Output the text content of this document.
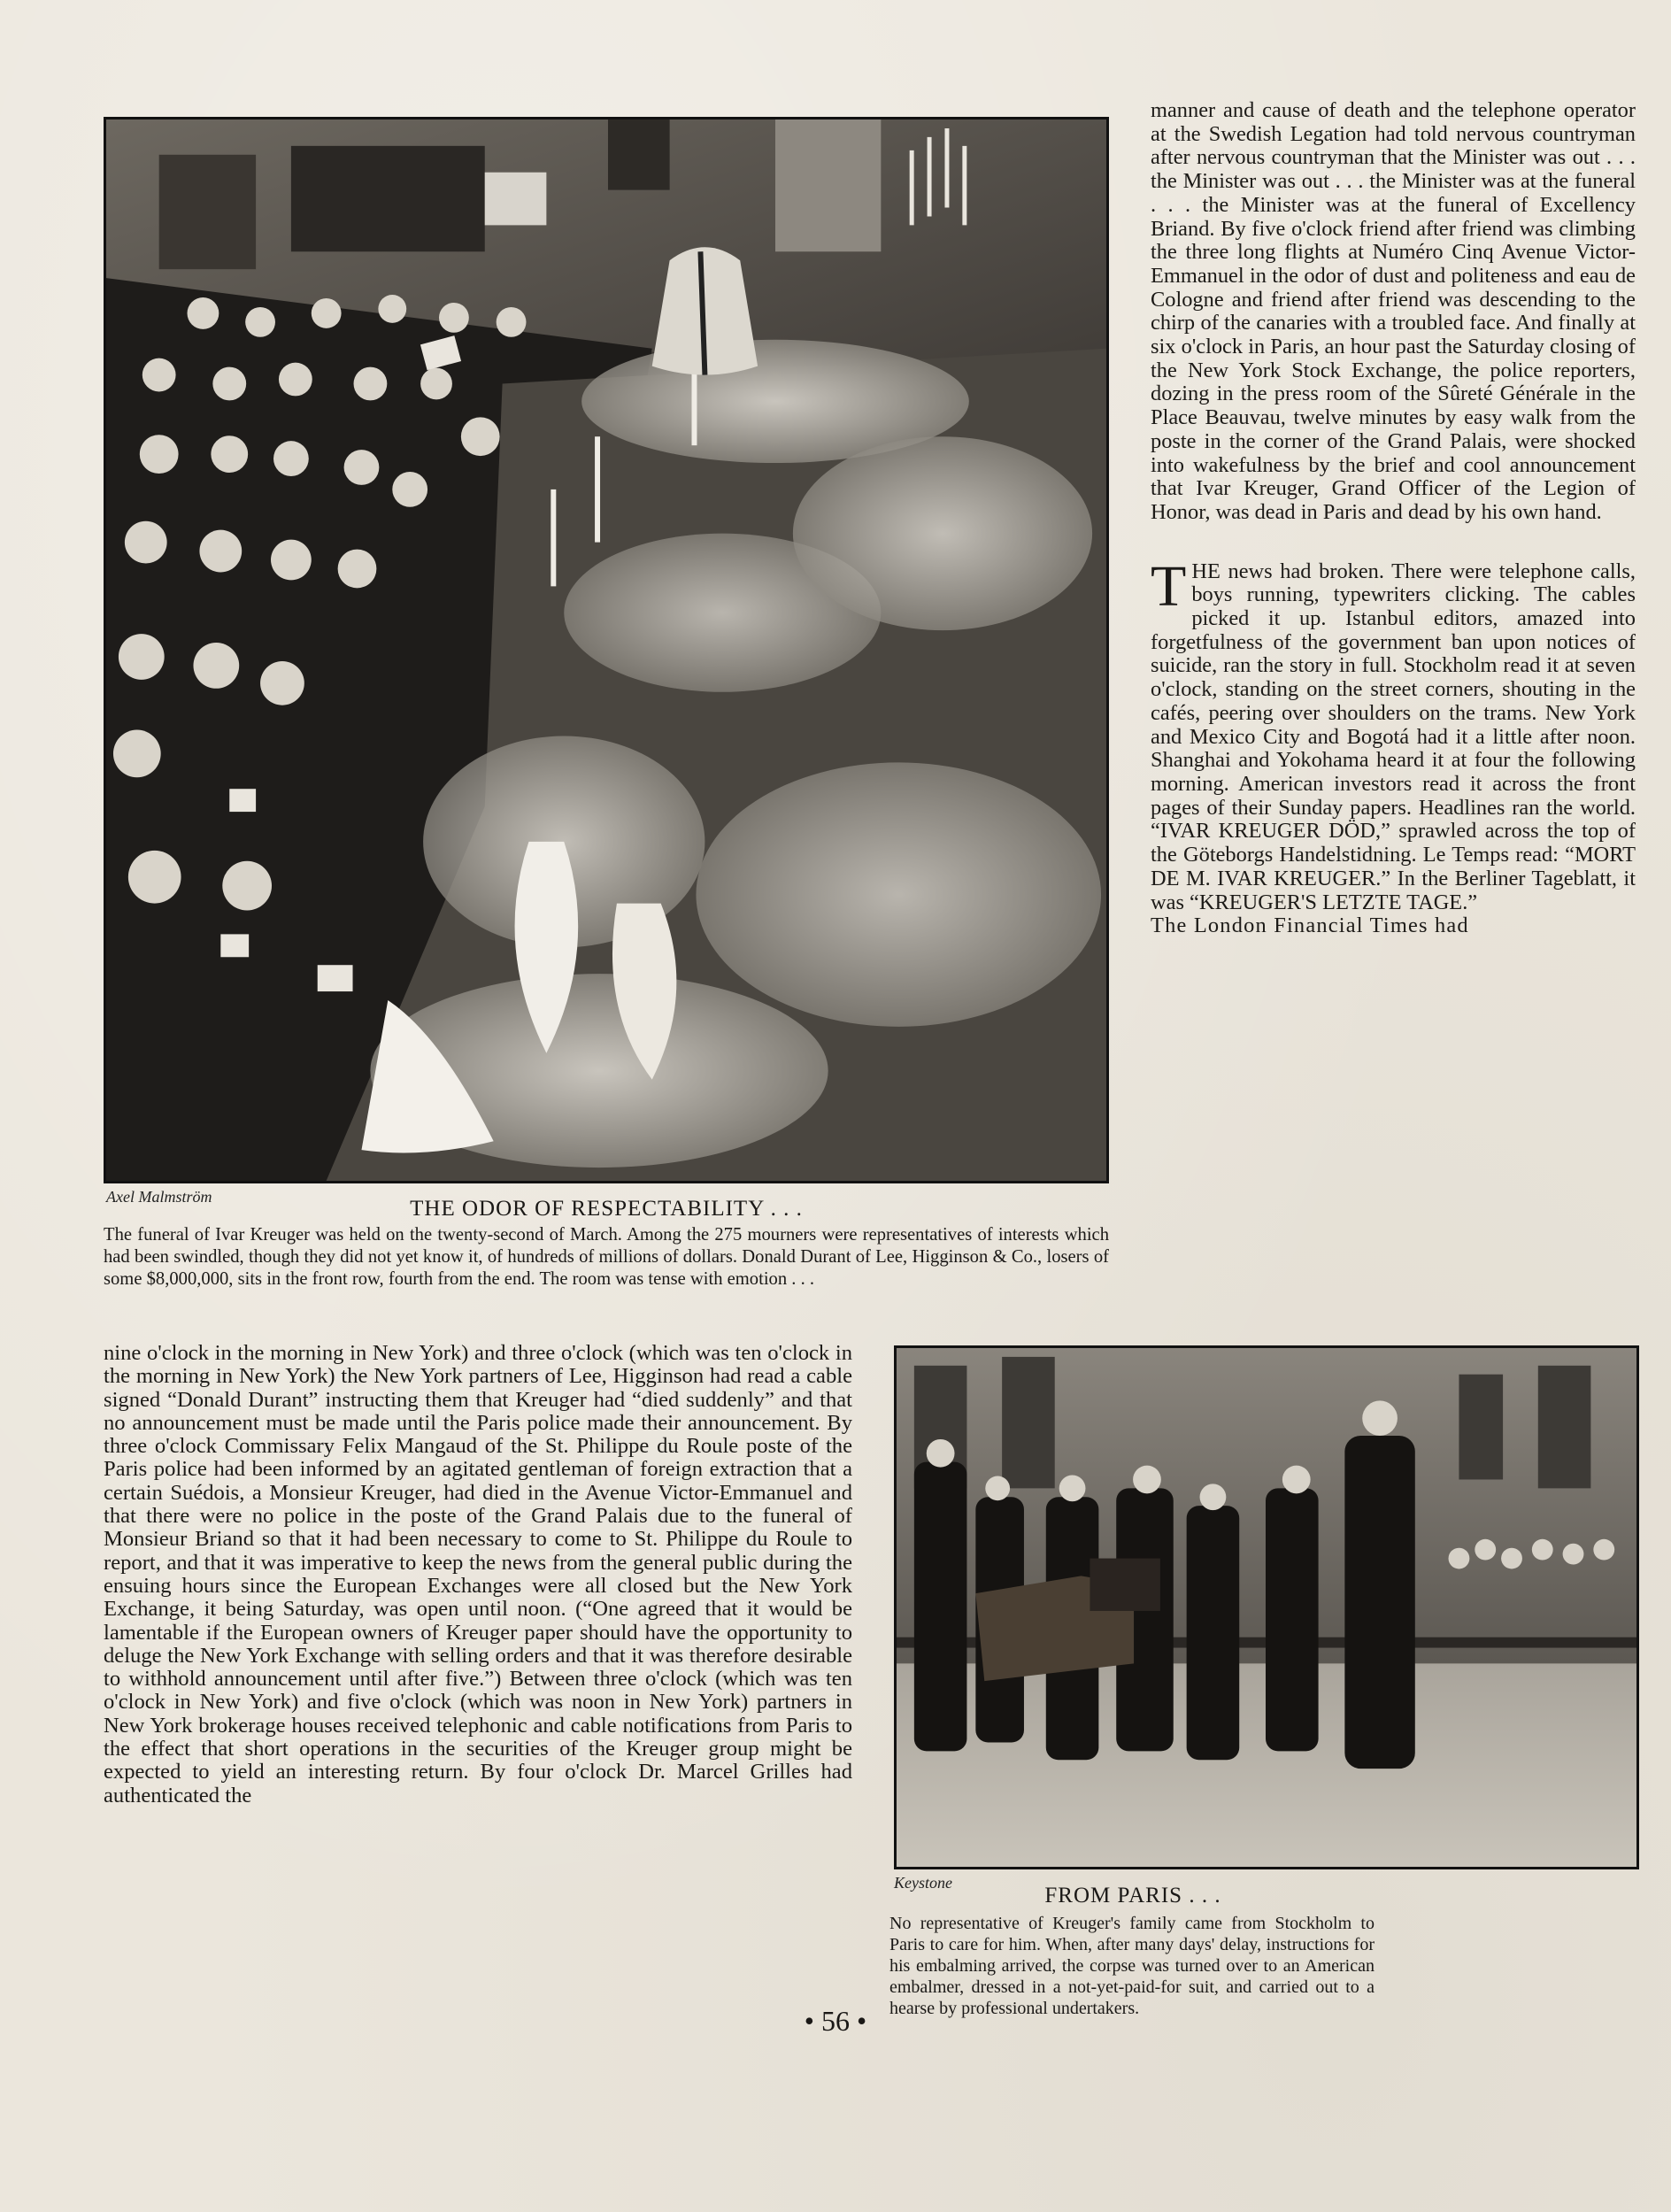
Axel Malmström	THE ODOR OF RESPECTABILITY . . .
The funeral of Ivar Kreuger was held on the twenty-second of March. Among the 275 mourners were representatives of interests which had been swindled, though they did not yet know it, of hundreds of millions of dollars. Donald Durant of Lee, Higginson & Co., losers of some $8,000,000, sits in the front row, fourth from the end. The room was tense with emotion . . .

manner and cause of death and the telephone operator at the Swedish Legation had told nervous countryman after nervous countryman that the Minister was out . . . the Minister was out . . . the Minister was at the funeral . . . the Minister was at the funeral of Excellency Briand. By five o'clock friend after friend was climbing the three long flights at Numéro Cinq Avenue Victor-Emmanuel in the odor of dust and politeness and eau de Cologne and friend after friend was descending to the chirp of the canaries with a troubled face. And finally at six o'clock in Paris, an hour past the Saturday closing of the New York Stock Exchange, the police reporters, dozing in the press room of the Sûreté Générale in the Place Beauvau, twelve minutes by easy walk from the poste in the corner of the Grand Palais, were shocked into wakefulness by the brief and cool announcement that Ivar Kreuger, Grand Officer of the Legion of Honor, was dead in Paris and dead by his own hand.

THE news had broken. There were telephone calls, boys running, typewriters clicking. The cables picked it up. Istanbul editors, amazed into forgetfulness of the government ban upon notices of suicide, ran the story in full. Stockholm read it at seven o'clock, standing on the street corners, shouting in the cafés, peering over shoulders on the trams. New York and Mexico City and Bogotá had it a little after noon. Shanghai and Yokohama heard it at four the following morning. American investors read it across the front pages of their Sunday papers. Headlines ran the world. “IVAR KREUGER DÖD,” sprawled across the top of the Göteborgs Handelstidning. Le Temps read: “MORT DE M. IVAR KREUGER.” In the Berliner Tageblatt, it was “KREUGER'S LETZTE TAGE.”

The London Financial Times had

nine o'clock in the morning in New York) and three o'clock (which was ten o'clock in the morning in New York) the New York partners of Lee, Higginson had read a cable signed “Donald Durant” instructing them that Kreuger had “died suddenly” and that no announcement must be made until the Paris police made their announcement. By three o'clock Commissary Felix Mangaud of the St. Philippe du Roule poste of the Paris police had been informed by an agitated gentleman of foreign extraction that a certain Suédois, a Monsieur Kreuger, had died in the Avenue Victor-Emmanuel and that there were no police in the poste of the Grand Palais due to the funeral of Monsieur Briand so that it had been necessary to come to St. Philippe du Roule to report, and that it was imperative to keep the news from the general public during the ensuing hours since the European Exchanges were all closed but the New York Exchange, it being Saturday, was open until noon. (“One agreed that it would be lamentable if the European owners of Kreuger paper should have the opportunity to deluge the New York Exchange with selling orders and that it was therefore desirable to withhold announcement until after five.”) Between three o'clock (which was ten o'clock in New York) and five o'clock (which was noon in New York) partners in New York brokerage houses received telephonic and cable notifications from Paris to the effect that short operations in the securities of the Kreuger group might be expected to yield an interesting return. By four o'clock Dr. Marcel Grilles had authenticated the

Keystone
FROM PARIS . . .
No representative of Kreuger's family came from Stockholm to Paris to care for him. When, after many days' delay, instructions for his embalming arrived, the corpse was turned over to an American embalmer, dressed in a not-yet-paid-for suit, and carried out to a hearse by professional undertakers.
• 56 •
